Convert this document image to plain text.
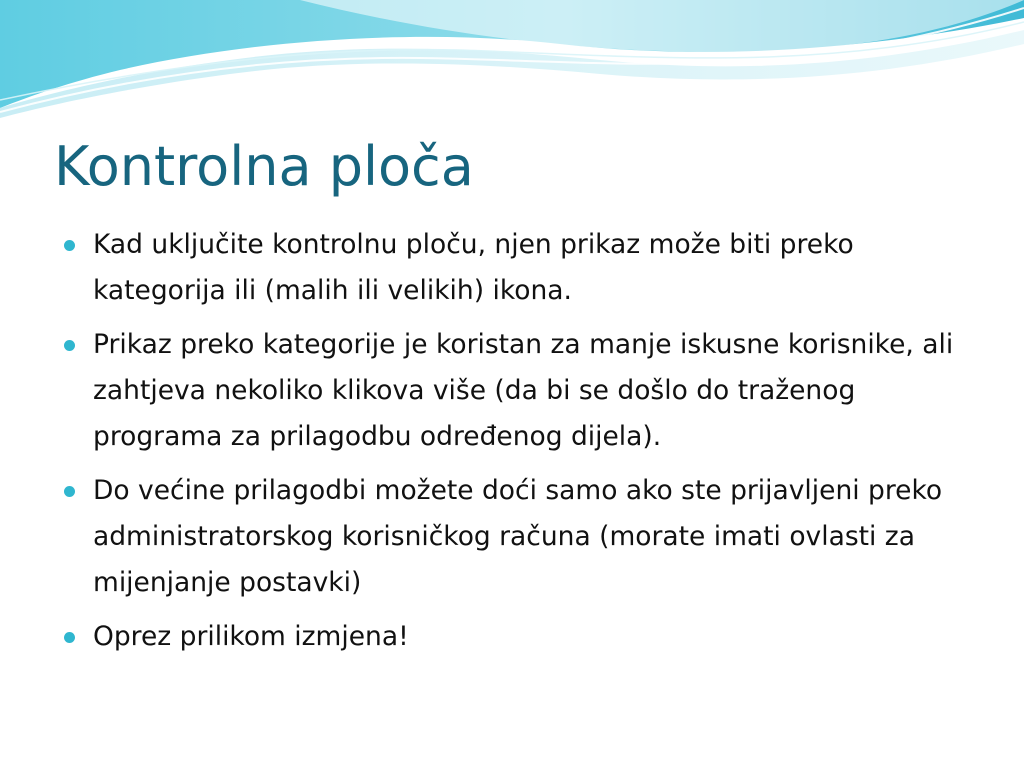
Kontrolna ploča
Kad uključite kontrolnu ploču, njen prikaz može biti preko kategorija ili (malih ili velikih) ikona.
Prikaz preko kategorije je koristan za manje iskusne korisnike, ali zahtjeva nekoliko klikova više (da bi se došlo do traženog programa za prilagodbu određenog dijela).
Do većine prilagodbi možete doći samo ako ste prijavljeni preko administratorskog korisničkog računa (morate imati ovlasti za mijenjanje postavki)
Oprez prilikom izmjena!
